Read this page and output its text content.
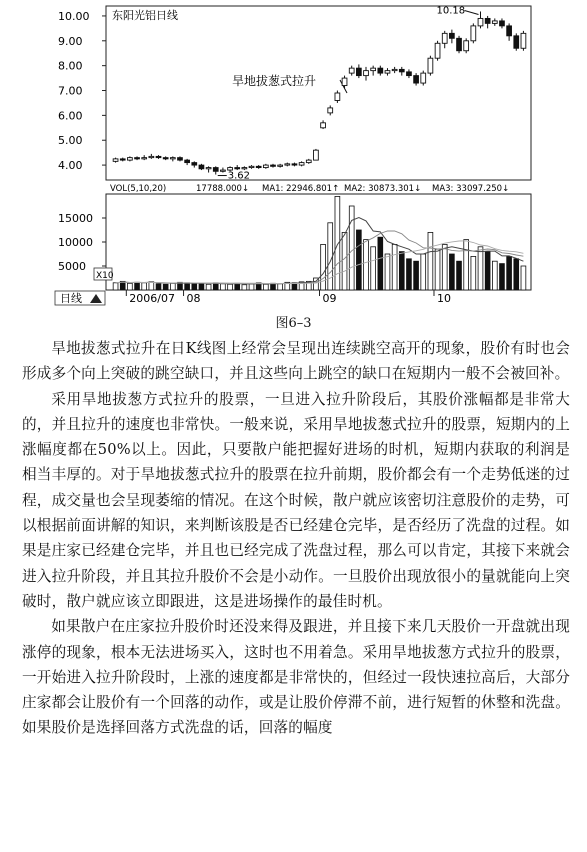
10.00
9.00
8.00
7.00
6.00
5.00
4.00
东阳光铝日线
旱地拔葱式拉升
10.18
3.62
VOL(5,10,20)	17788.000↓ MA1: 22946.801↑ MA2: 30873.301↓ MA3: 33097.250↓
15000
10000
5000
X10
日线	2006/07 08	09	10
图6–3

旱地拔葱式拉升在日K线图上经常会呈现出连续跳空高开的现象，股价有时也会形成多个向上突破的跳空缺口，并且这些向上跳空的缺口在短期内一般不会被回补。

采用旱地拔葱方式拉升的股票，一旦进入拉升阶段后，其股价涨幅都是非常大的，并且拉升的速度也非常快。一般来说，采用旱地拔葱式拉升的股票，短期内的上涨幅度都在50%以上。因此，只要散户能把握好进场的时机，短期内获取的利润是相当丰厚的。对于旱地拔葱式拉升的股票在拉升前期，股价都会有一个走势低迷的过程，成交量也会呈现萎缩的情况。在这个时候，散户就应该密切注意股价的走势，可以根据前面讲解的知识，来判断该股是否已经建仓完毕，是否经历了洗盘的过程。如果是庄家已经建仓完毕，并且也已经完成了洗盘过程，那么可以肯定，其接下来就会进入拉升阶段，并且其拉升股价不会是小动作。一旦股价出现放很小的量就能向上突破时，散户就应该立即跟进，这是进场操作的最佳时机。

如果散户在庄家拉升股价时还没来得及跟进，并且接下来几天股价一开盘就出现涨停的现象，根本无法进场买入，这时也不用着急。采用旱地拔葱方式拉升的股票，一开始进入拉升阶段时，上涨的速度都是非常快的，但经过一段快速拉高后，大部分庄家都会让股价有一个回落的动作，或是让股价停滞不前，进行短暂的休整和洗盘。如果股价是选择回落方式洗盘的话，回落的幅度
